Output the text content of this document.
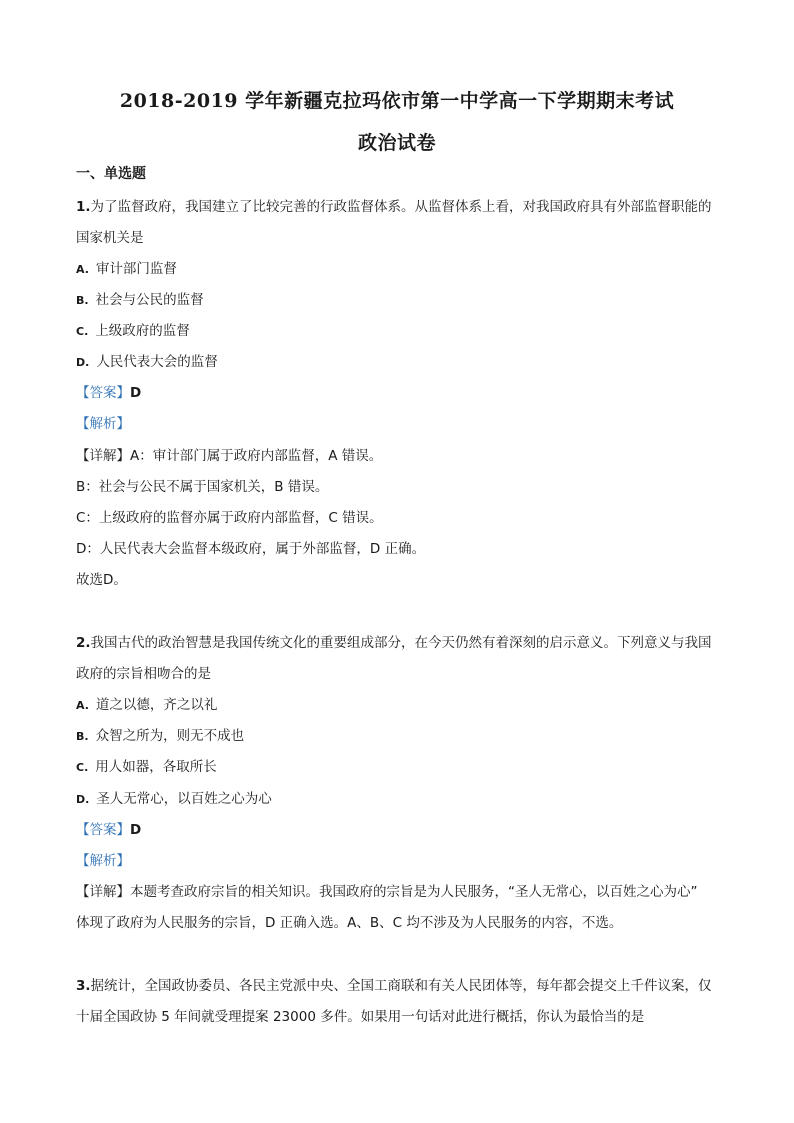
2018-2019 学年新疆克拉玛依市第一中学高一下学期期末考试
政治试卷
一、单选题
1.为了监督政府，我国建立了比较完善的行政监督体系。从监督体系上看，对我国政府具有外部监督职能的
国家机关是
A. 审计部门监督
B. 社会与公民的监督
C. 上级政府的监督
D. 人民代表大会的监督
【答案】D
【解析】
【详解】A：审计部门属于政府内部监督，A 错误。
B：社会与公民不属于国家机关，B 错误。
C：上级政府的监督亦属于政府内部监督，C 错误。
D：人民代表大会监督本级政府，属于外部监督，D 正确。
故选D。
2.我国古代的政治智慧是我国传统文化的重要组成部分，在今天仍然有着深刻的启示意义。下列意义与我国
政府的宗旨相吻合的是
A. 道之以德，齐之以礼
B. 众智之所为，则无不成也
C. 用人如器，各取所长
D. 圣人无常心，以百姓之心为心
【答案】D
【解析】
【详解】本题考查政府宗旨的相关知识。我国政府的宗旨是为人民服务，“圣人无常心，以百姓之心为心”
体现了政府为人民服务的宗旨，D 正确入选。A、B、C 均不涉及为人民服务的内容，不选。
3.据统计，全国政协委员、各民主党派中央、全国工商联和有关人民团体等，每年都会提交上千件议案，仅
十届全国政协 5 年间就受理提案 23000 多件。如果用一句话对此进行概括，你认为最恰当的是
